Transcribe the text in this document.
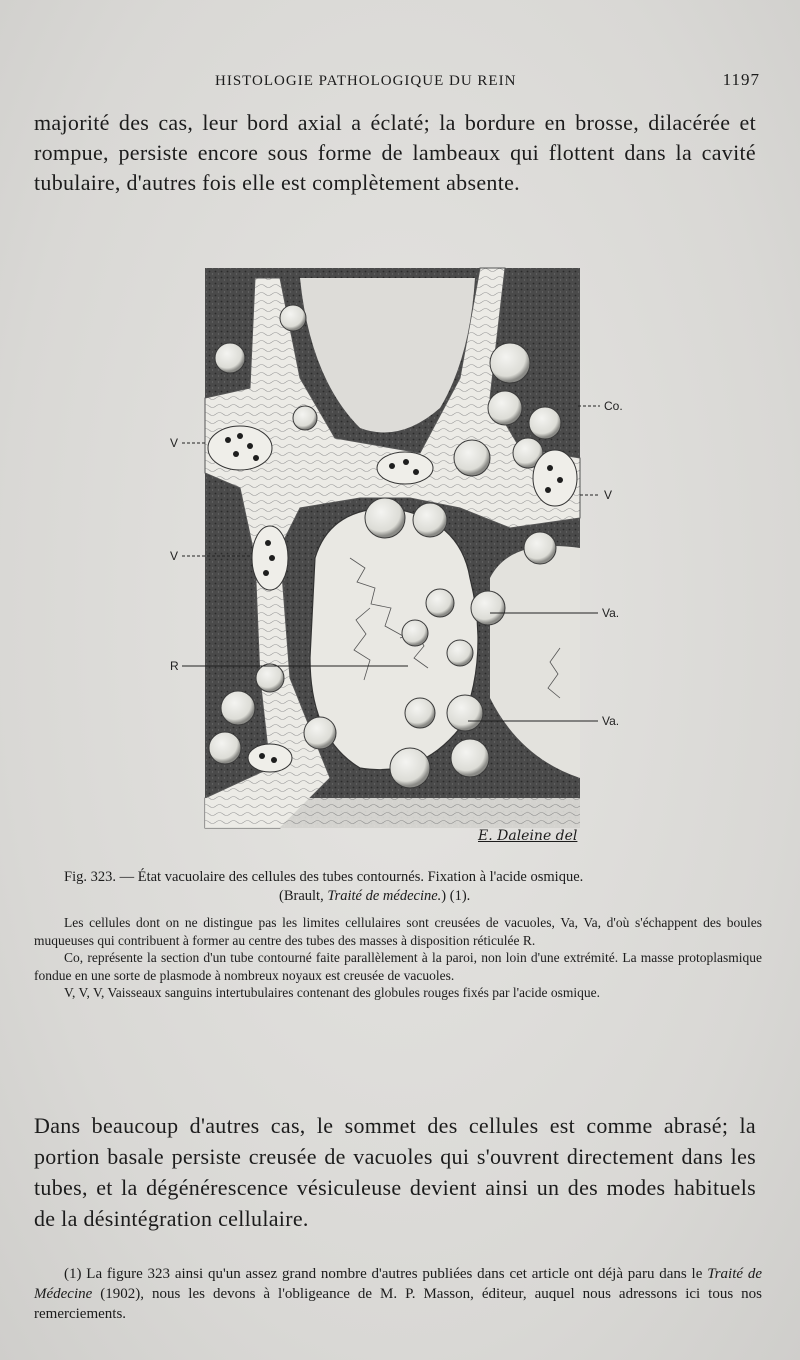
HISTOLOGIE PATHOLOGIQUE DU REIN	1197
majorité des cas, leur bord axial a éclaté; la bordure en brosse, dilacérée et rompue, persiste encore sous forme de lambeaux qui flottent dans la cavité tubulaire, d'autres fois elle est complètement absente.
Co.
V
V
V
Va.
R
Va.
E. Daleine del

Fig. 323. — État vacuolaire des cellules des tubes contournés. Fixation à l'acide osmique.

(Brault, Traité de médecine.) (1).

Les cellules dont on ne distingue pas les limites cellulaires sont creusées de vacuoles, Va, Va, d'où s'échappent des boules muqueuses qui contribuent à former au centre des tubes des masses à disposition réticulée R.

Co, représente la section d'un tube contourné faite parallèlement à la paroi, non loin d'une extrémité. La masse protoplasmique fondue en une sorte de plasmode à nombreux noyaux est creusée de vacuoles.

V, V, V, Vaisseaux sanguins intertubulaires contenant des globules rouges fixés par l'acide osmique.

Dans beaucoup d'autres cas, le sommet des cellules est comme abrasé; la portion basale persiste creusée de vacuoles qui s'ouvrent directement dans les tubes, et la dégénérescence vésiculeuse devient ainsi un des modes habituels de la désintégration cellulaire.
(1) La figure 323 ainsi qu'un assez grand nombre d'autres publiées dans cet article ont déjà paru dans le Traité de Médecine (1902), nous les devons à l'obligeance de M. P. Masson, éditeur, auquel nous adressons ici tous nos remerciements.
